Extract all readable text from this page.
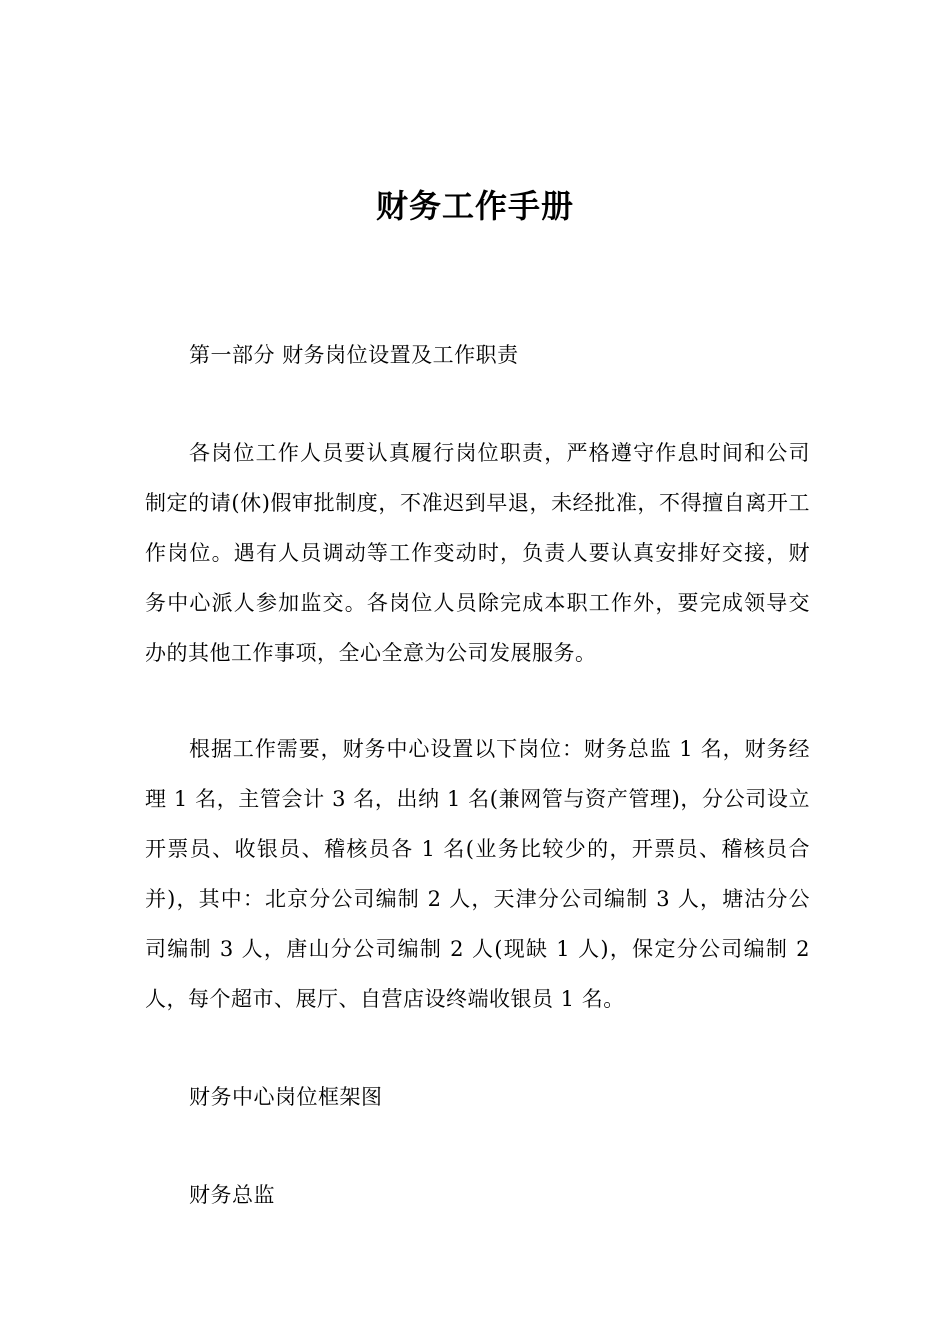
财务工作手册

第一部分 财务岗位设置及工作职责

各岗位工作人员要认真履行岗位职责，严格遵守作息时间和公司制定的请(休)假审批制度，不准迟到早退，未经批准，不得擅自离开工作岗位。遇有人员调动等工作变动时，负责人要认真安排好交接，财务中心派人参加监交。各岗位人员除完成本职工作外，要完成领导交办的其他工作事项，全心全意为公司发展服务。

根据工作需要，财务中心设置以下岗位：财务总监 1 名，财务经理 1 名，主管会计 3 名，出纳 1 名(兼网管与资产管理)，分公司设立开票员、收银员、稽核员各 1 名(业务比较少的，开票员、稽核员合并)，其中：北京分公司编制 2 人，天津分公司编制 3 人，塘沽分公司编制 3 人，唐山分公司编制 2 人(现缺 1 人)，保定分公司编制 2 人，每个超市、展厅、自营店设终端收银员 1 名。

财务中心岗位框架图

财务总监
